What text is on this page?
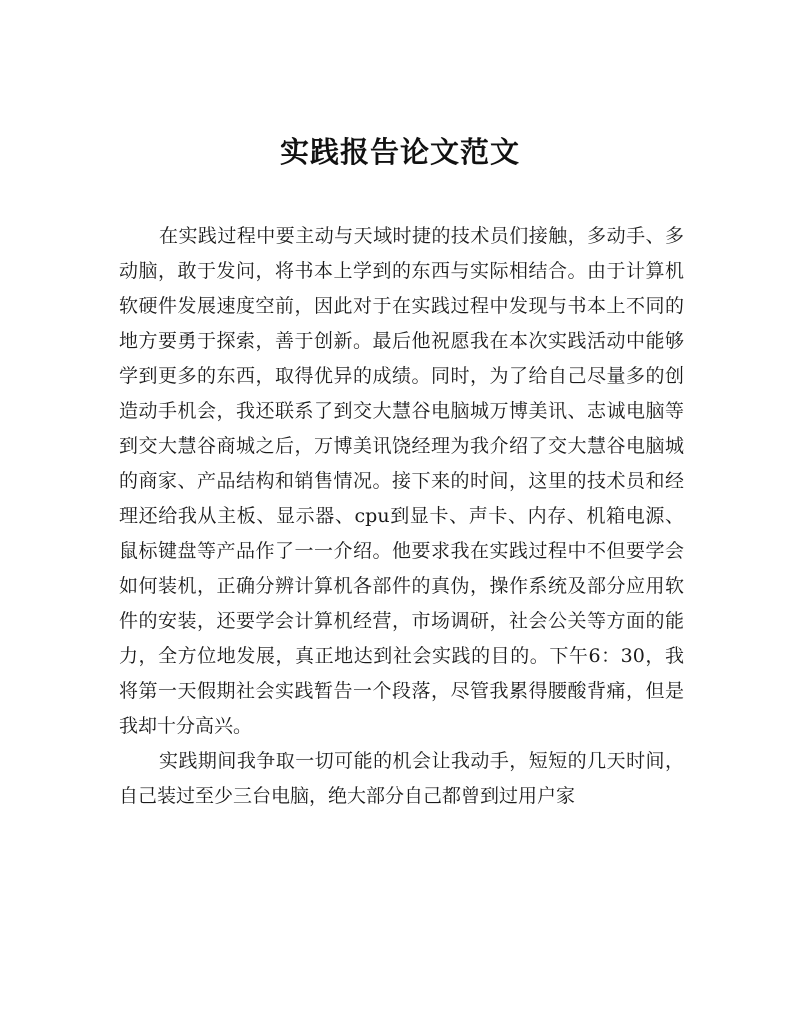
实践报告论文范文

在实践过程中要主动与天域时捷的技术员们接触，多动手、多动脑，敢于发问，将书本上学到的东西与实际相结合。由于计算机软硬件发展速度空前，因此对于在实践过程中发现与书本上不同的地方要勇于探索，善于创新。最后他祝愿我在本次实践活动中能够学到更多的东西，取得优异的成绩。同时，为了给自己尽量多的创造动手机会，我还联系了到交大慧谷电脑城万博美讯、志诚电脑等到交大慧谷商城之后，万博美讯饶经理为我介绍了交大慧谷电脑城的商家、产品结构和销售情况。接下来的时间，这里的技术员和经理还给我从主板、显示器、cpu到显卡、声卡、内存、机箱电源、鼠标键盘等产品作了一一介绍。他要求我在实践过程中不但要学会如何装机，正确分辨计算机各部件的真伪，操作系统及部分应用软件的安装，还要学会计算机经营，市场调研，社会公关等方面的能力，全方位地发展，真正地达到社会实践的目的。下午6：30，我将第一天假期社会实践暂告一个段落，尽管我累得腰酸背痛，但是我却十分高兴。

实践期间我争取一切可能的机会让我动手，短短的几天时间，自己装过至少三台电脑，绝大部分自己都曾到过用户家
